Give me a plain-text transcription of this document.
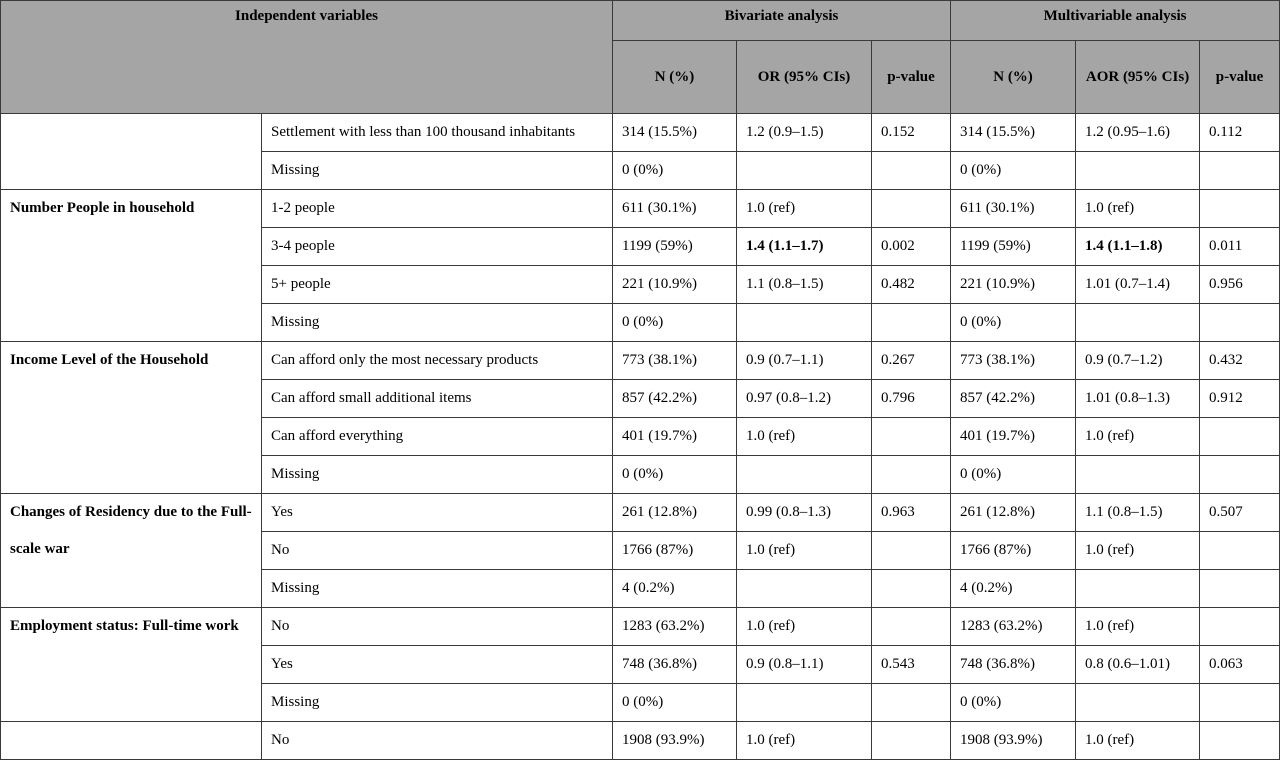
Independent variables		Bivariate analysis			Multivariable analysis		
		N (%)	OR (95% CIs)	p-value	N (%)	AOR (95% CIs)	p-value
	Settlement with less than 100 thousand inhabitants	314 (15.5%)	1.2 (0.9–1.5)	0.152	314 (15.5%)	1.2 (0.95–1.6)	0.112
	Missing	0 (0%)			0 (0%)		
Number People in household	1-2 people	611 (30.1%)	1.0 (ref)		611 (30.1%)	1.0 (ref)	
	3-4 people	1199 (59%)	1.4 (1.1–1.7)	0.002	1199 (59%)	1.4 (1.1–1.8)	0.011
	5+ people	221 (10.9%)	1.1 (0.8–1.5)	0.482	221 (10.9%)	1.01 (0.7–1.4)	0.956
	Missing	0 (0%)			0 (0%)		
Income Level of the Household	Can afford only the most necessary products	773 (38.1%)	0.9 (0.7–1.1)	0.267	773 (38.1%)	0.9 (0.7–1.2)	0.432
	Can afford small additional items	857 (42.2%)	0.97 (0.8–1.2)	0.796	857 (42.2%)	1.01 (0.8–1.3)	0.912
	Can afford everything	401 (19.7%)	1.0 (ref)		401 (19.7%)	1.0 (ref)	
	Missing	0 (0%)			0 (0%)		
Changes of Residency due to the Full-scale war	Yes	261 (12.8%)	0.99 (0.8–1.3)	0.963	261 (12.8%)	1.1 (0.8–1.5)	0.507
	No	1766 (87%)	1.0 (ref)		1766 (87%)	1.0 (ref)	
	Missing	4 (0.2%)			4 (0.2%)		
Employment status: Full-time work	No	1283 (63.2%)	1.0 (ref)		1283 (63.2%)	1.0 (ref)	
	Yes	748 (36.8%)	0.9 (0.8–1.1)	0.543	748 (36.8%)	0.8 (0.6–1.01)	0.063
	Missing	0 (0%)			0 (0%)		
	No	1908 (93.9%)	1.0 (ref)		1908 (93.9%)	1.0 (ref)	
